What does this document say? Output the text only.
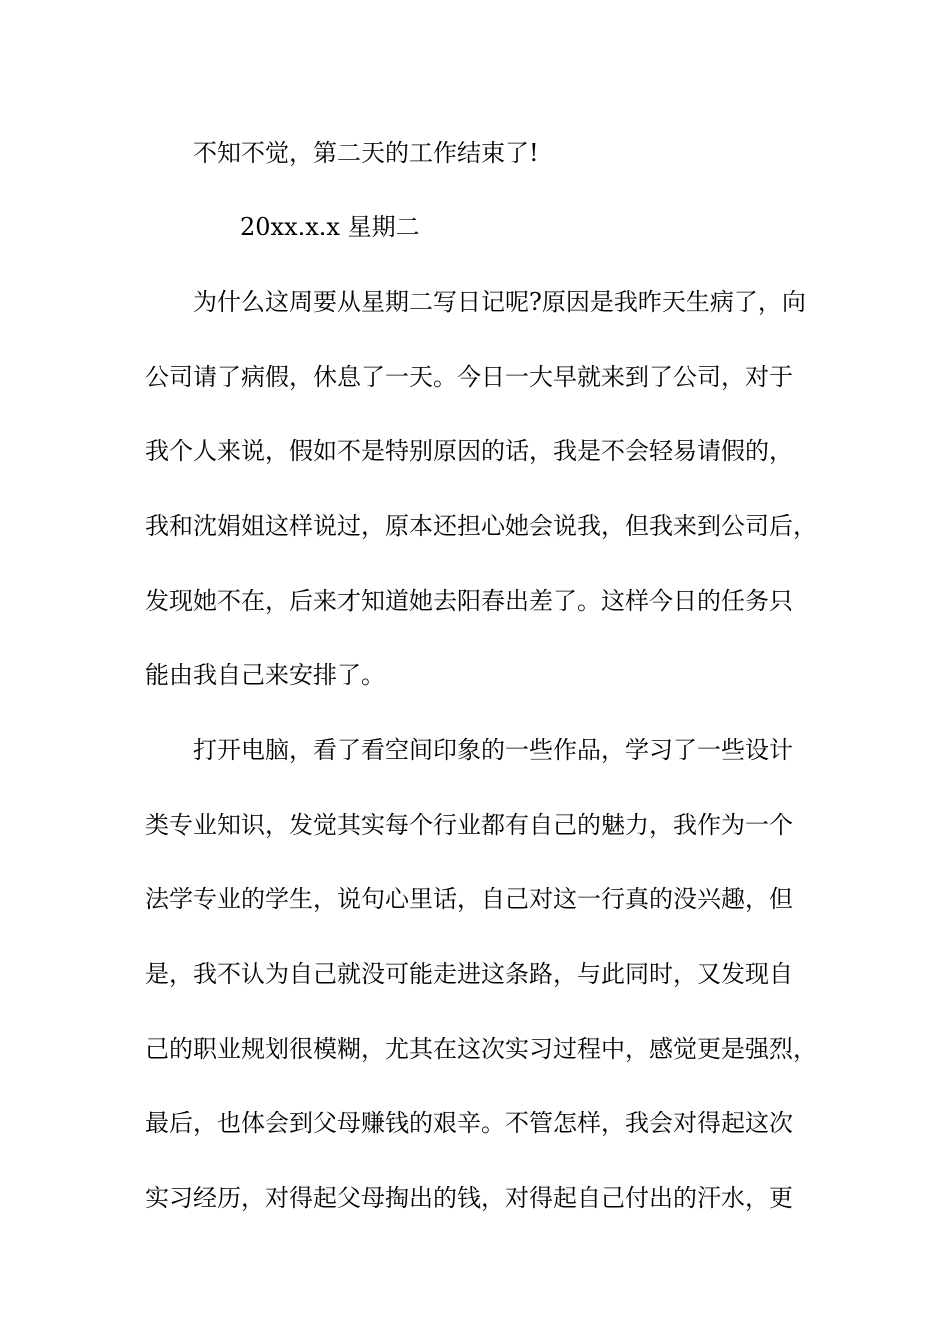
不知不觉，第二天的工作结束了!
20xx.x.x 星期二
为什么这周要从星期二写日记呢?原因是我昨天生病了，向
公司请了病假，休息了一天。今日一大早就来到了公司，对于
我个人来说，假如不是特别原因的话，我是不会轻易请假的，
我和沈娟姐这样说过，原本还担心她会说我，但我来到公司后，
发现她不在，后来才知道她去阳春出差了。这样今日的任务只
能由我自己来安排了。
打开电脑，看了看空间印象的一些作品，学习了一些设计
类专业知识，发觉其实每个行业都有自己的魅力，我作为一个
法学专业的学生，说句心里话，自己对这一行真的没兴趣，但
是，我不认为自己就没可能走进这条路，与此同时，又发现自
己的职业规划很模糊，尤其在这次实习过程中，感觉更是强烈，
最后，也体会到父母赚钱的艰辛。不管怎样，我会对得起这次
实习经历，对得起父母掏出的钱，对得起自己付出的汗水，更
